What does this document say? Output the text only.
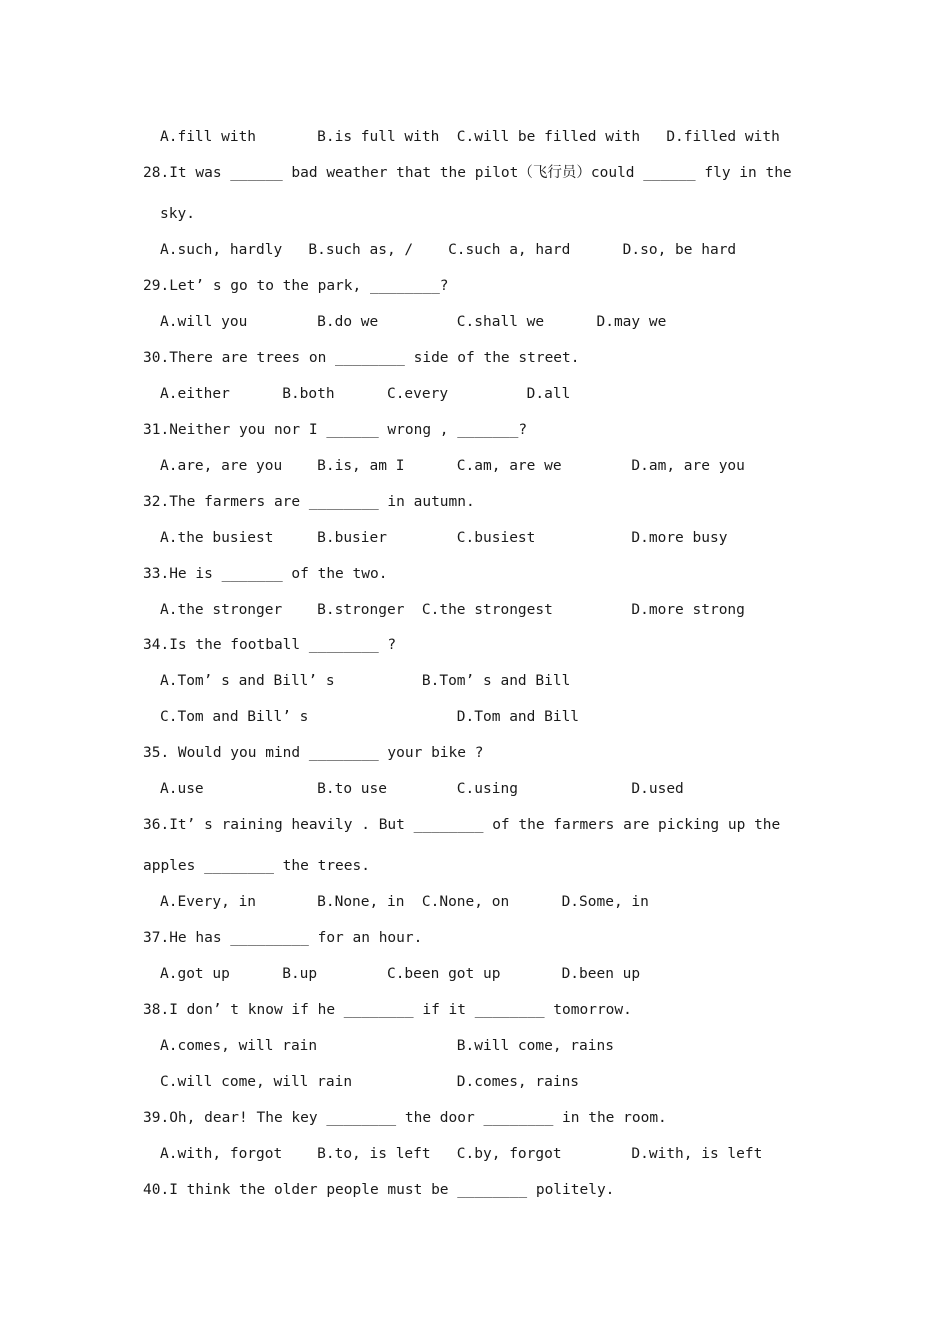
A.fill with       B.is full with  C.will be filled with   D.filled with
28.It was ______ bad weather that the pilot（飞行员）could ______ fly in the
sky.
A.such, hardly   B.such as, /    C.such a, hard      D.so, be hard
29.Let’ s go to the park, ________?
A.will you        B.do we         C.shall we      D.may we
30.There are trees on ________ side of the street.
A.either      B.both      C.every         D.all
31.Neither you nor I ______ wrong , _______?
A.are, are you    B.is, am I      C.am, are we        D.am, are you
32.The farmers are ________ in autumn.
A.the busiest     B.busier        C.busiest           D.more busy
33.He is _______ of the two.
A.the stronger    B.stronger  C.the strongest         D.more strong
34.Is the football ________ ?
A.Tom’ s and Bill’ s          B.Tom’ s and Bill
C.Tom and Bill’ s                 D.Tom and Bill
35. Would you mind ________ your bike ?
A.use             B.to use        C.using             D.used
36.It’ s raining heavily . But ________ of the farmers are picking up the
apples ________ the trees.
A.Every, in       B.None, in  C.None, on      D.Some, in
37.He has _________ for an hour.
A.got up      B.up        C.been got up       D.been up
38.I don’ t know if he ________ if it ________ tomorrow.
A.comes, will rain                B.will come, rains
C.will come, will rain            D.comes, rains
39.Oh, dear! The key ________ the door ________ in the room.
A.with, forgot    B.to, is left   C.by, forgot        D.with, is left
40.I think the older people must be ________ politely.
